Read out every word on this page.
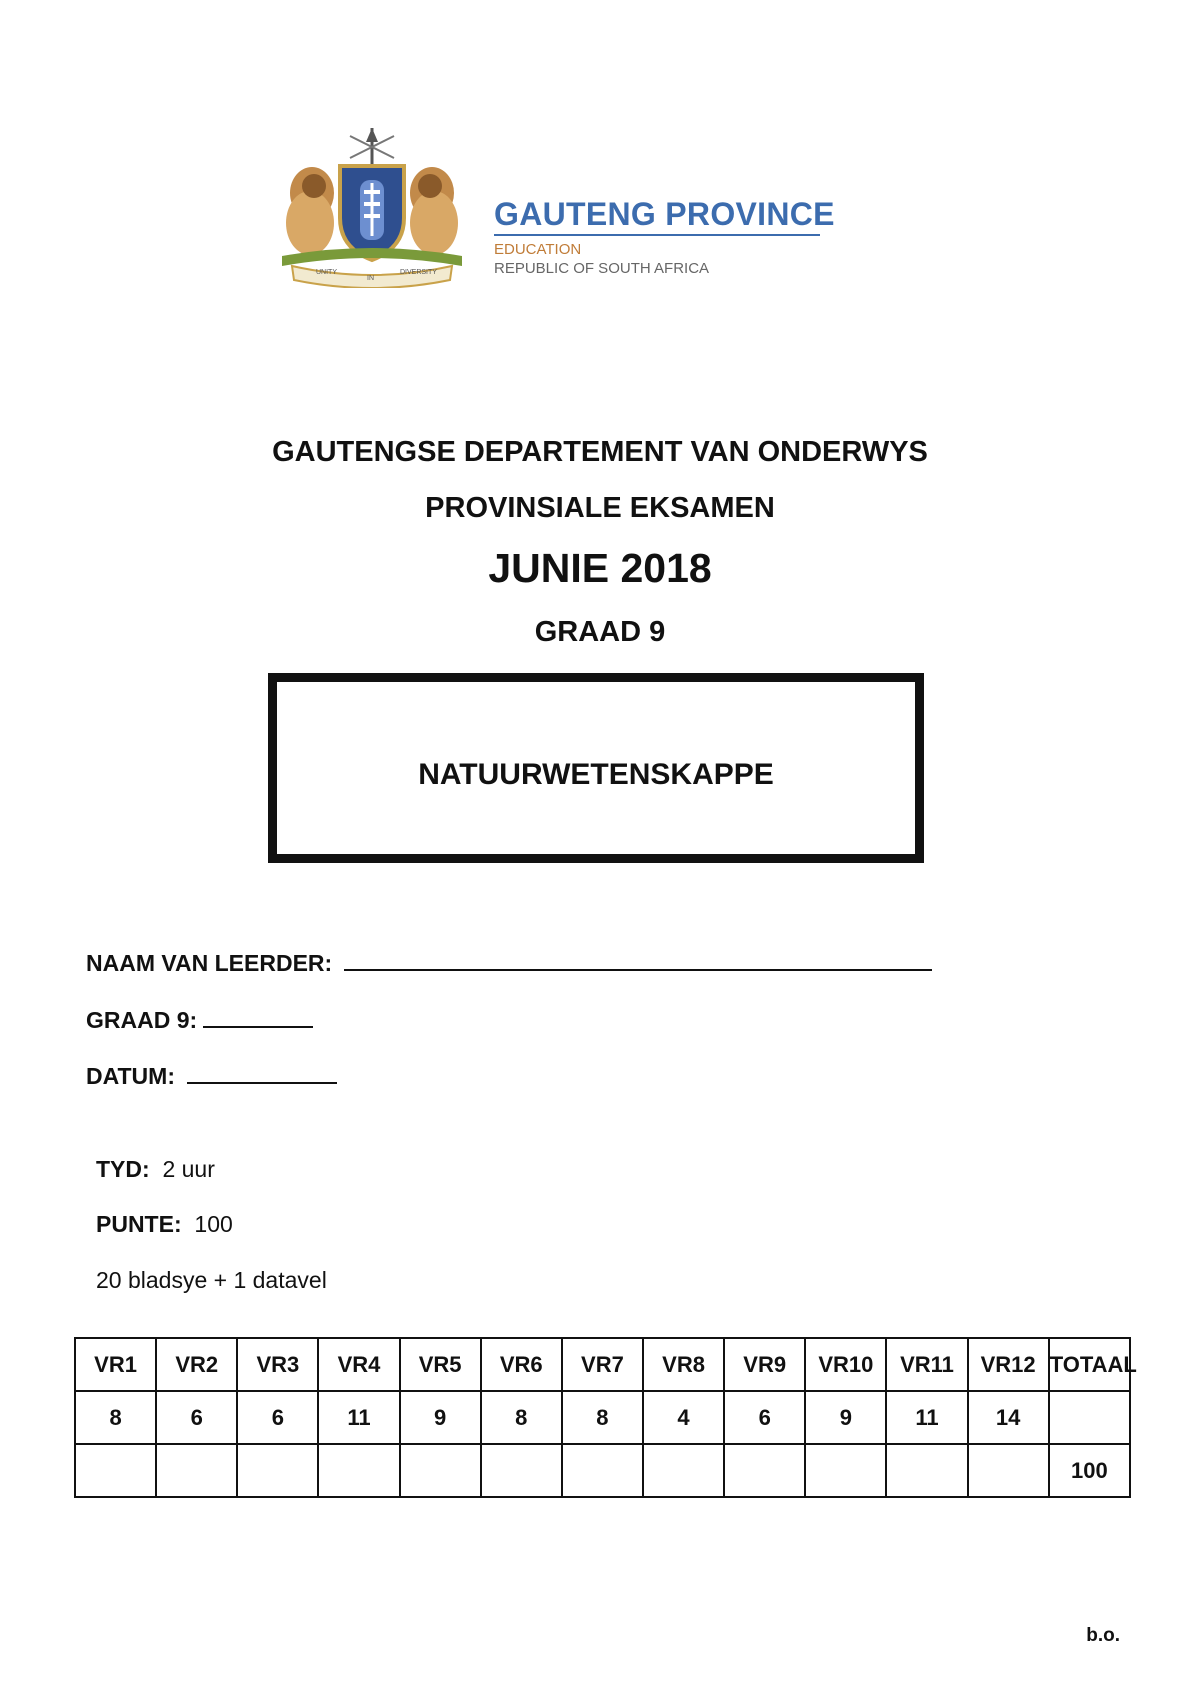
UNITY
IN
DIVERSITY
GAUTENG PROVINCE
EDUCATION
REPUBLIC OF SOUTH AFRICA
GAUTENGSE DEPARTEMENT VAN ONDERWYS
PROVINSIALE EKSAMEN
JUNIE 2018
GRAAD 9
NATUURWETENSKAPPE
NAAM VAN LEERDER:
GRAAD 9:
DATUM:
TYD: 2 uur
PUNTE: 100
20 bladsye + 1 datavel
VR1	VR2	VR3	VR4	VR5	VR6	VR7	VR8	VR9	VR10	VR11	VR12	TOTAAL
8	6	6	11	9	8	8	4	6	9	11	14	
												100
b.o.
